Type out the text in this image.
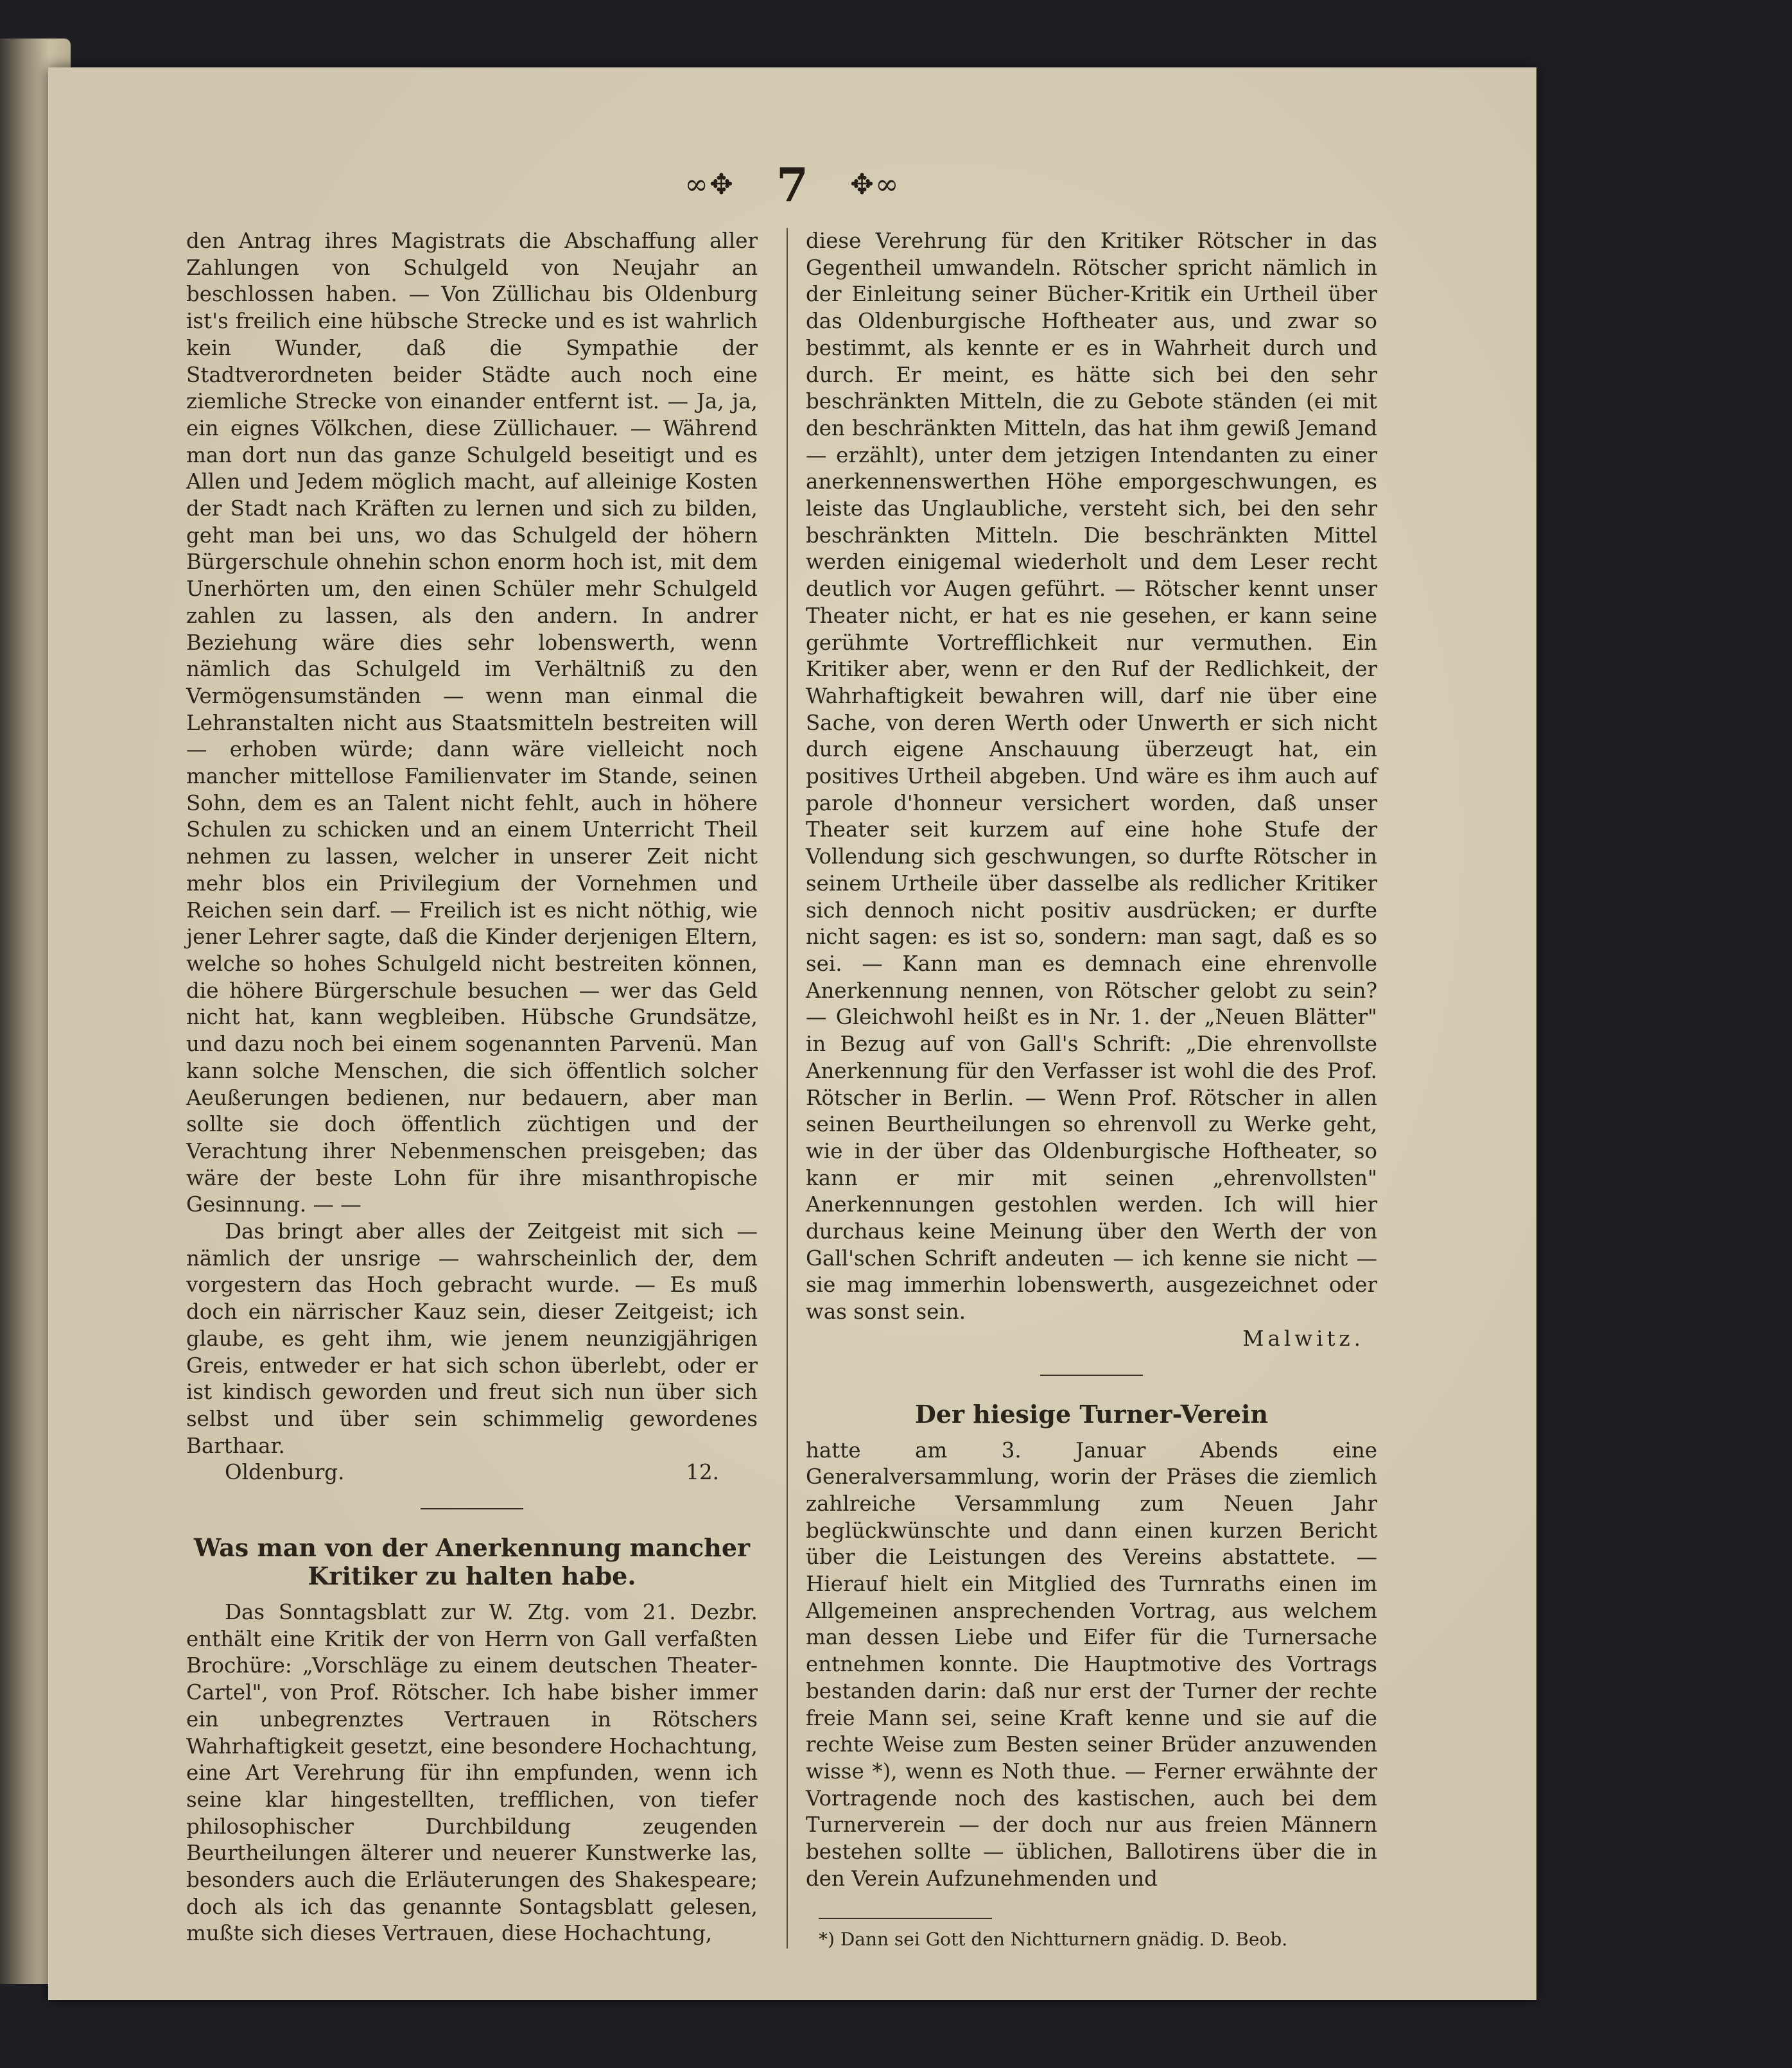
∞✥ 7 ✥∞

den Antrag ihres Magistrats die Abschaffung aller Zahlungen von Schulgeld von Neujahr an beschlossen haben. — Von Züllichau bis Oldenburg ist's freilich eine hübsche Strecke und es ist wahrlich kein Wunder, daß die Sympathie der Stadtverordneten beider Städte auch noch eine ziemliche Strecke von einander entfernt ist. — Ja, ja, ein eignes Völkchen, diese Züllichauer. — Während man dort nun das ganze Schulgeld beseitigt und es Allen und Jedem möglich macht, auf alleinige Kosten der Stadt nach Kräften zu lernen und sich zu bilden, geht man bei uns, wo das Schulgeld der höhern Bürgerschule ohnehin schon enorm hoch ist, mit dem Unerhörten um, den einen Schüler mehr Schulgeld zahlen zu lassen, als den andern. In andrer Beziehung wäre dies sehr lobenswerth, wenn nämlich das Schulgeld im Verhältniß zu den Vermögensumständen — wenn man einmal die Lehranstalten nicht aus Staatsmitteln bestreiten will — erhoben würde; dann wäre vielleicht noch mancher mittellose Familienvater im Stande, seinen Sohn, dem es an Talent nicht fehlt, auch in höhere Schulen zu schicken und an einem Unterricht Theil nehmen zu lassen, welcher in unserer Zeit nicht mehr blos ein Privilegium der Vornehmen und Reichen sein darf. — Freilich ist es nicht nöthig, wie jener Lehrer sagte, daß die Kinder derjenigen Eltern, welche so hohes Schulgeld nicht bestreiten können, die höhere Bürgerschule besuchen — wer das Geld nicht hat, kann wegbleiben. Hübsche Grundsätze, und dazu noch bei einem sogenannten Parvenü. Man kann solche Menschen, die sich öffentlich solcher Aeußerungen bedienen, nur bedauern, aber man sollte sie doch öffentlich züchtigen und der Verachtung ihrer Nebenmenschen preisgeben; das wäre der beste Lohn für ihre misanthropische Gesinnung. — —

Das bringt aber alles der Zeitgeist mit sich — nämlich der unsrige — wahrscheinlich der, dem vorgestern das Hoch gebracht wurde. — Es muß doch ein närrischer Kauz sein, dieser Zeitgeist; ich glaube, es geht ihm, wie jenem neunzigjährigen Greis, entweder er hat sich schon überlebt, oder er ist kindisch geworden und freut sich nun über sich selbst und über sein schimmelig gewordenes Barthaar.

Oldenburg.	12.
Was man von der Anerkennung mancher Kritiker zu halten habe.

Das Sonntagsblatt zur W. Ztg. vom 21. Dezbr. enthält eine Kritik der von Herrn von Gall verfaßten Brochüre: „Vorschläge zu einem deutschen Theater-Cartel", von Prof. Rötscher. Ich habe bisher immer ein unbegrenztes Vertrauen in Rötschers Wahrhaftigkeit gesetzt, eine besondere Hochachtung, eine Art Verehrung für ihn empfunden, wenn ich seine klar hingestellten, trefflichen, von tiefer philosophischer Durchbildung zeugenden Beurtheilungen älterer und neuerer Kunstwerke las, besonders auch die Erläuterungen des Shakespeare; doch als ich das genannte Sontagsblatt gelesen, mußte sich dieses Vertrauen, diese Hochachtung,

diese Verehrung für den Kritiker Rötscher in das Gegentheil umwandeln. Rötscher spricht nämlich in der Einleitung seiner Bücher-Kritik ein Urtheil über das Oldenburgische Hoftheater aus, und zwar so bestimmt, als kennte er es in Wahrheit durch und durch. Er meint, es hätte sich bei den sehr beschränkten Mitteln, die zu Gebote ständen (ei mit den beschränkten Mitteln, das hat ihm gewiß Jemand — erzählt), unter dem jetzigen Intendanten zu einer anerkennenswerthen Höhe emporgeschwungen, es leiste das Unglaubliche, versteht sich, bei den sehr beschränkten Mitteln. Die beschränkten Mittel werden einigemal wiederholt und dem Leser recht deutlich vor Augen geführt. — Rötscher kennt unser Theater nicht, er hat es nie gesehen, er kann seine gerühmte Vortrefflichkeit nur vermuthen. Ein Kritiker aber, wenn er den Ruf der Redlichkeit, der Wahrhaftigkeit bewahren will, darf nie über eine Sache, von deren Werth oder Unwerth er sich nicht durch eigene Anschauung überzeugt hat, ein positives Urtheil abgeben. Und wäre es ihm auch auf parole d'honneur versichert worden, daß unser Theater seit kurzem auf eine hohe Stufe der Vollendung sich geschwungen, so durfte Rötscher in seinem Urtheile über dasselbe als redlicher Kritiker sich dennoch nicht positiv ausdrücken; er durfte nicht sagen: es ist so, sondern: man sagt, daß es so sei. — Kann man es demnach eine ehrenvolle Anerkennung nennen, von Rötscher gelobt zu sein? — Gleichwohl heißt es in Nr. 1. der „Neuen Blätter" in Bezug auf von Gall's Schrift: „Die ehrenvollste Anerkennung für den Verfasser ist wohl die des Prof. Rötscher in Berlin. — Wenn Prof. Rötscher in allen seinen Beurtheilungen so ehrenvoll zu Werke geht, wie in der über das Oldenburgische Hoftheater, so kann er mir mit seinen „ehrenvollsten" Anerkennungen gestohlen werden. Ich will hier durchaus keine Meinung über den Werth der von Gall'schen Schrift andeuten — ich kenne sie nicht — sie mag immerhin lobenswerth, ausgezeichnet oder was sonst sein.

Malwitz.

Der hiesige Turner-Verein

hatte am 3. Januar Abends eine Generalversammlung, worin der Präses die ziemlich zahlreiche Versammlung zum Neuen Jahr beglückwünschte und dann einen kurzen Bericht über die Leistungen des Vereins abstattete. — Hierauf hielt ein Mitglied des Turnraths einen im Allgemeinen ansprechenden Vortrag, aus welchem man dessen Liebe und Eifer für die Turnersache entnehmen konnte. Die Hauptmotive des Vortrags bestanden darin: daß nur erst der Turner der rechte freie Mann sei, seine Kraft kenne und sie auf die rechte Weise zum Besten seiner Brüder anzuwenden wisse *), wenn es Noth thue. — Ferner erwähnte der Vortragende noch des kastischen, auch bei dem Turnerverein — der doch nur aus freien Männern bestehen sollte — üblichen, Ballotirens über die in den Verein Aufzunehmenden und

*) Dann sei Gott den Nichtturnern gnädig. D. Beob.
